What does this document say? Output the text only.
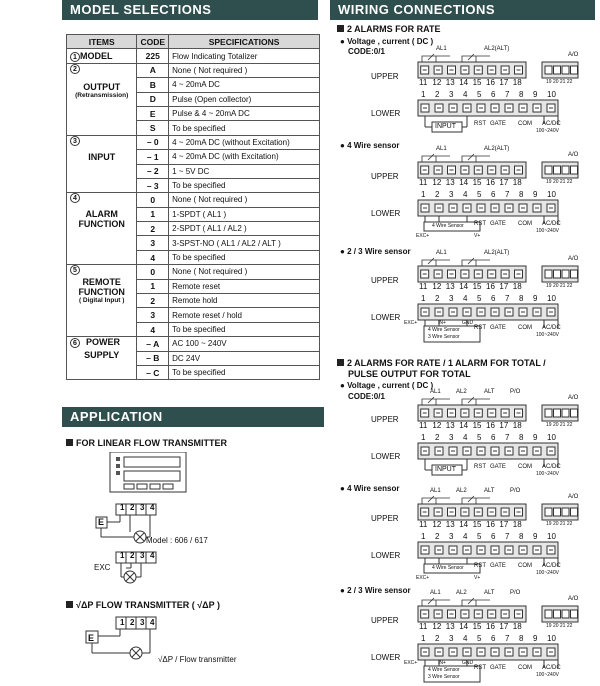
MODEL SELECTIONS	WIRING CONNECTIONS
APPLICATION
ITEMS	CODE	SPECIFICATIONS
1 MODEL	225	Flow Indicating Totalizer
2
OUTPUT
(Retransmission)	A	None ( Not required )
	B	4 ~ 20mA DC
	D	Pulse (Open collector)
	E	Pulse & 4 ~ 20mA DC
	S	To be specified
3
INPUT	– 0	4 ~ 20mA DC (without Excitation)
	– 1	4 ~ 20mA DC (with Excitation)
	– 2	1 ~ 5V DC
	– 3	To be specified
4
ALARM
FUNCTION	0	None ( Not required )
	1	1-SPDT ( AL1 )
	2	2-SPDT ( AL1 / AL2 )
	3	3-SPST-NO ( AL1 / AL2 / ALT )
	4	To be specified
5
REMOTE
FUNCTION
( Digital Input )	0	None ( Not required )
	1	Remote reset
	2	Remote hold
	3	Remote reset / hold
	4	To be specified
6 POWER
SUPPLY	– A	AC 100 ~ 240V
	– B	DC 24V
	– C	To be specified
FOR LINEAR FLOW TRANSMITTER
1 2 3 4
E
Model : 606 / 617
1 2 3 4
EXC
√ΔP FLOW TRANSMITTER ( √ΔP )
1 2 3 4
E
√ΔP / Flow transmitter
2 ALARMS FOR RATE
● Voltage , current ( DC )
CODE:0/1
2 ALARMS FOR RATE / 1 ALARM FOR TOTAL /
PULSE OUTPUT FOR TOTAL
● Voltage , current ( DC )
CODE:0/1
● 4 Wire sensor
● 2 / 3 Wire sensor
● 4 Wire sensor
● 2 / 3 Wire sensor
UPPER
LOWER
11 12 13 14 15 16 17 18	19 20 21 22
1 2 3 4 5 6 7 8 9 10
A/O
AL1	AL2(ALT)
RST GATE COM AC/DC
100~240V
INPUT
UPPER
LOWER
11 12 13 14 15 16 17 18	19 20 21 22
1 2 3 4 5 6 7 8 9 10
A/O
AL1	AL2(ALT)
RST GATE COM AC/DC
100~240V
EXC+
4 Wire Sensor
V+
UPPER
LOWER
11 12 13 14 15 16 17 18	19 20 21 22
1 2 3 4 5 6 7 8 9 10
A/O
AL1	AL2(ALT)
RST GATE COM AC/DC
100~240V
EXC+	IN+	GND
4 Wire Sensor
3 Wire Sensor
UPPER
LOWER
11 12 13 14 15 16 17 18	19 20 21 22
1 2 3 4 5 6 7 8 9 10
A/O
AL1	AL2	ALT	P/O
RST GATE COM AC/DC
100~240V
INPUT
UPPER
LOWER
11 12 13 14 15 16 17 18	19 20 21 22
1 2 3 4 5 6 7 8 9 10
A/O
AL1	AL2	ALT	P/O
RST GATE COM AC/DC
100~240V
EXC+
4 Wire Sensor
V+
UPPER
LOWER
11 12 13 14 15 16 17 18	19 20 21 22
1 2 3 4 5 6 7 8 9 10
A/O
AL1	AL2	ALT	P/O
RST GATE COM AC/DC
100~240V
EXC+	IN+	GND
4 Wire Sensor
3 Wire Sensor
